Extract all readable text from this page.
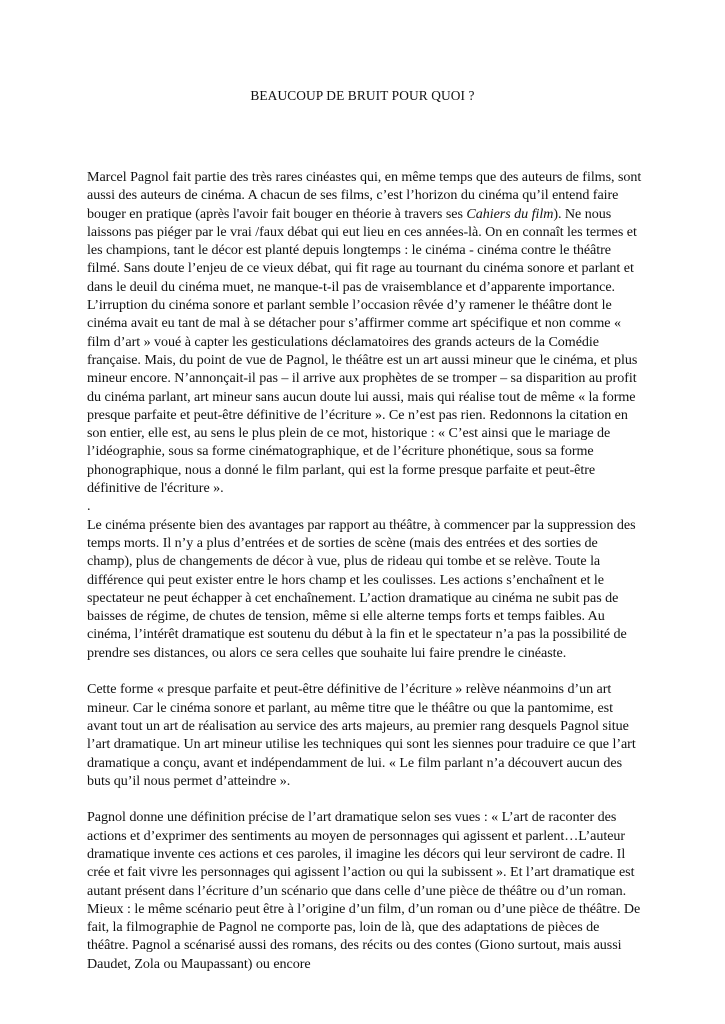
BEAUCOUP DE BRUIT POUR QUOI ?

Marcel Pagnol fait partie des très rares cinéastes qui, en même temps que des auteurs de films, sont aussi des auteurs de cinéma. A chacun de ses films, c’est l’horizon du cinéma qu’il entend faire bouger en pratique (après l'avoir fait bouger en théorie à travers ses Cahiers du film). Ne nous laissons pas piéger par le vrai /faux débat qui eut lieu en ces années-là. On en connaît les termes et les champions, tant le décor est planté depuis longtemps : le cinéma - cinéma contre le théâtre filmé. Sans doute l’enjeu de ce vieux débat, qui fit rage au tournant du cinéma sonore et parlant et dans le deuil du cinéma muet, ne manque-t-il pas de vraisemblance et d’apparente importance. L’irruption du cinéma sonore et parlant semble l’occasion rêvée d’y ramener le théâtre dont le cinéma avait eu tant de mal à se détacher pour s’affirmer comme art spécifique et non comme « film d’art » voué à capter les gesticulations déclamatoires des grands acteurs de la Comédie française. Mais, du point de vue de Pagnol, le théâtre est un art aussi mineur que le cinéma, et plus mineur encore. N’annonçait-il pas – il arrive aux prophètes de se tromper – sa disparition au profit du cinéma parlant, art mineur sans aucun doute lui aussi, mais qui réalise tout de même « la forme presque parfaite et peut-être définitive de l’écriture ». Ce n’est pas rien. Redonnons la citation en son entier, elle est, au sens le plus plein de ce mot, historique : « C’est ainsi que le mariage de l’idéographie, sous sa forme cinématographique, et de l’écriture phonétique, sous sa forme phonographique, nous a donné le film parlant, qui est la forme presque parfaite et peut-être définitive de l'écriture ».

.

Le cinéma présente bien des avantages par rapport au théâtre, à commencer par la suppression des temps morts. Il n’y a plus d’entrées et de sorties de scène (mais des entrées et des sorties de champ), plus de changements de décor à vue, plus de rideau qui tombe et se relève. Toute la différence qui peut exister entre le hors champ et les coulisses. Les actions s’enchaînent et le spectateur ne peut échapper à cet enchaînement. L’action dramatique au cinéma ne subit pas de baisses de régime, de chutes de tension, même si elle alterne temps forts et temps faibles. Au cinéma, l’intérêt dramatique est soutenu du début à la fin et le spectateur n’a pas la possibilité de prendre ses distances, ou alors ce sera celles que souhaite lui faire prendre le cinéaste.

Cette forme « presque parfaite et peut-être définitive de l’écriture » relève néanmoins d’un art mineur. Car le cinéma sonore et parlant, au même titre que le théâtre ou que la pantomime, est avant tout un art de réalisation au service des arts majeurs, au premier rang desquels Pagnol situe l’art dramatique. Un art mineur utilise les techniques qui sont les siennes pour traduire ce que l’art dramatique a conçu, avant et indépendamment de lui. « Le film parlant n’a découvert aucun des buts qu’il nous permet d’atteindre ».

Pagnol donne une définition précise de l’art dramatique selon ses vues : « L’art de raconter des actions et d’exprimer des sentiments au moyen de personnages qui agissent et parlent…L’auteur dramatique invente ces actions et ces paroles, il imagine les décors qui leur serviront de cadre. Il crée et fait vivre les personnages qui agissent l’action ou qui la subissent ». Et l’art dramatique est autant présent dans l’écriture d’un scénario que dans celle d’une pièce de théâtre ou d’un roman. Mieux : le même scénario peut être à l’origine d’un film, d’un roman ou d’une pièce de théâtre. De fait, la filmographie de Pagnol ne comporte pas, loin de là, que des adaptations de pièces de théâtre. Pagnol a scénarisé aussi des romans, des récits ou des contes (Giono surtout, mais aussi Daudet, Zola ou Maupassant) ou encore
